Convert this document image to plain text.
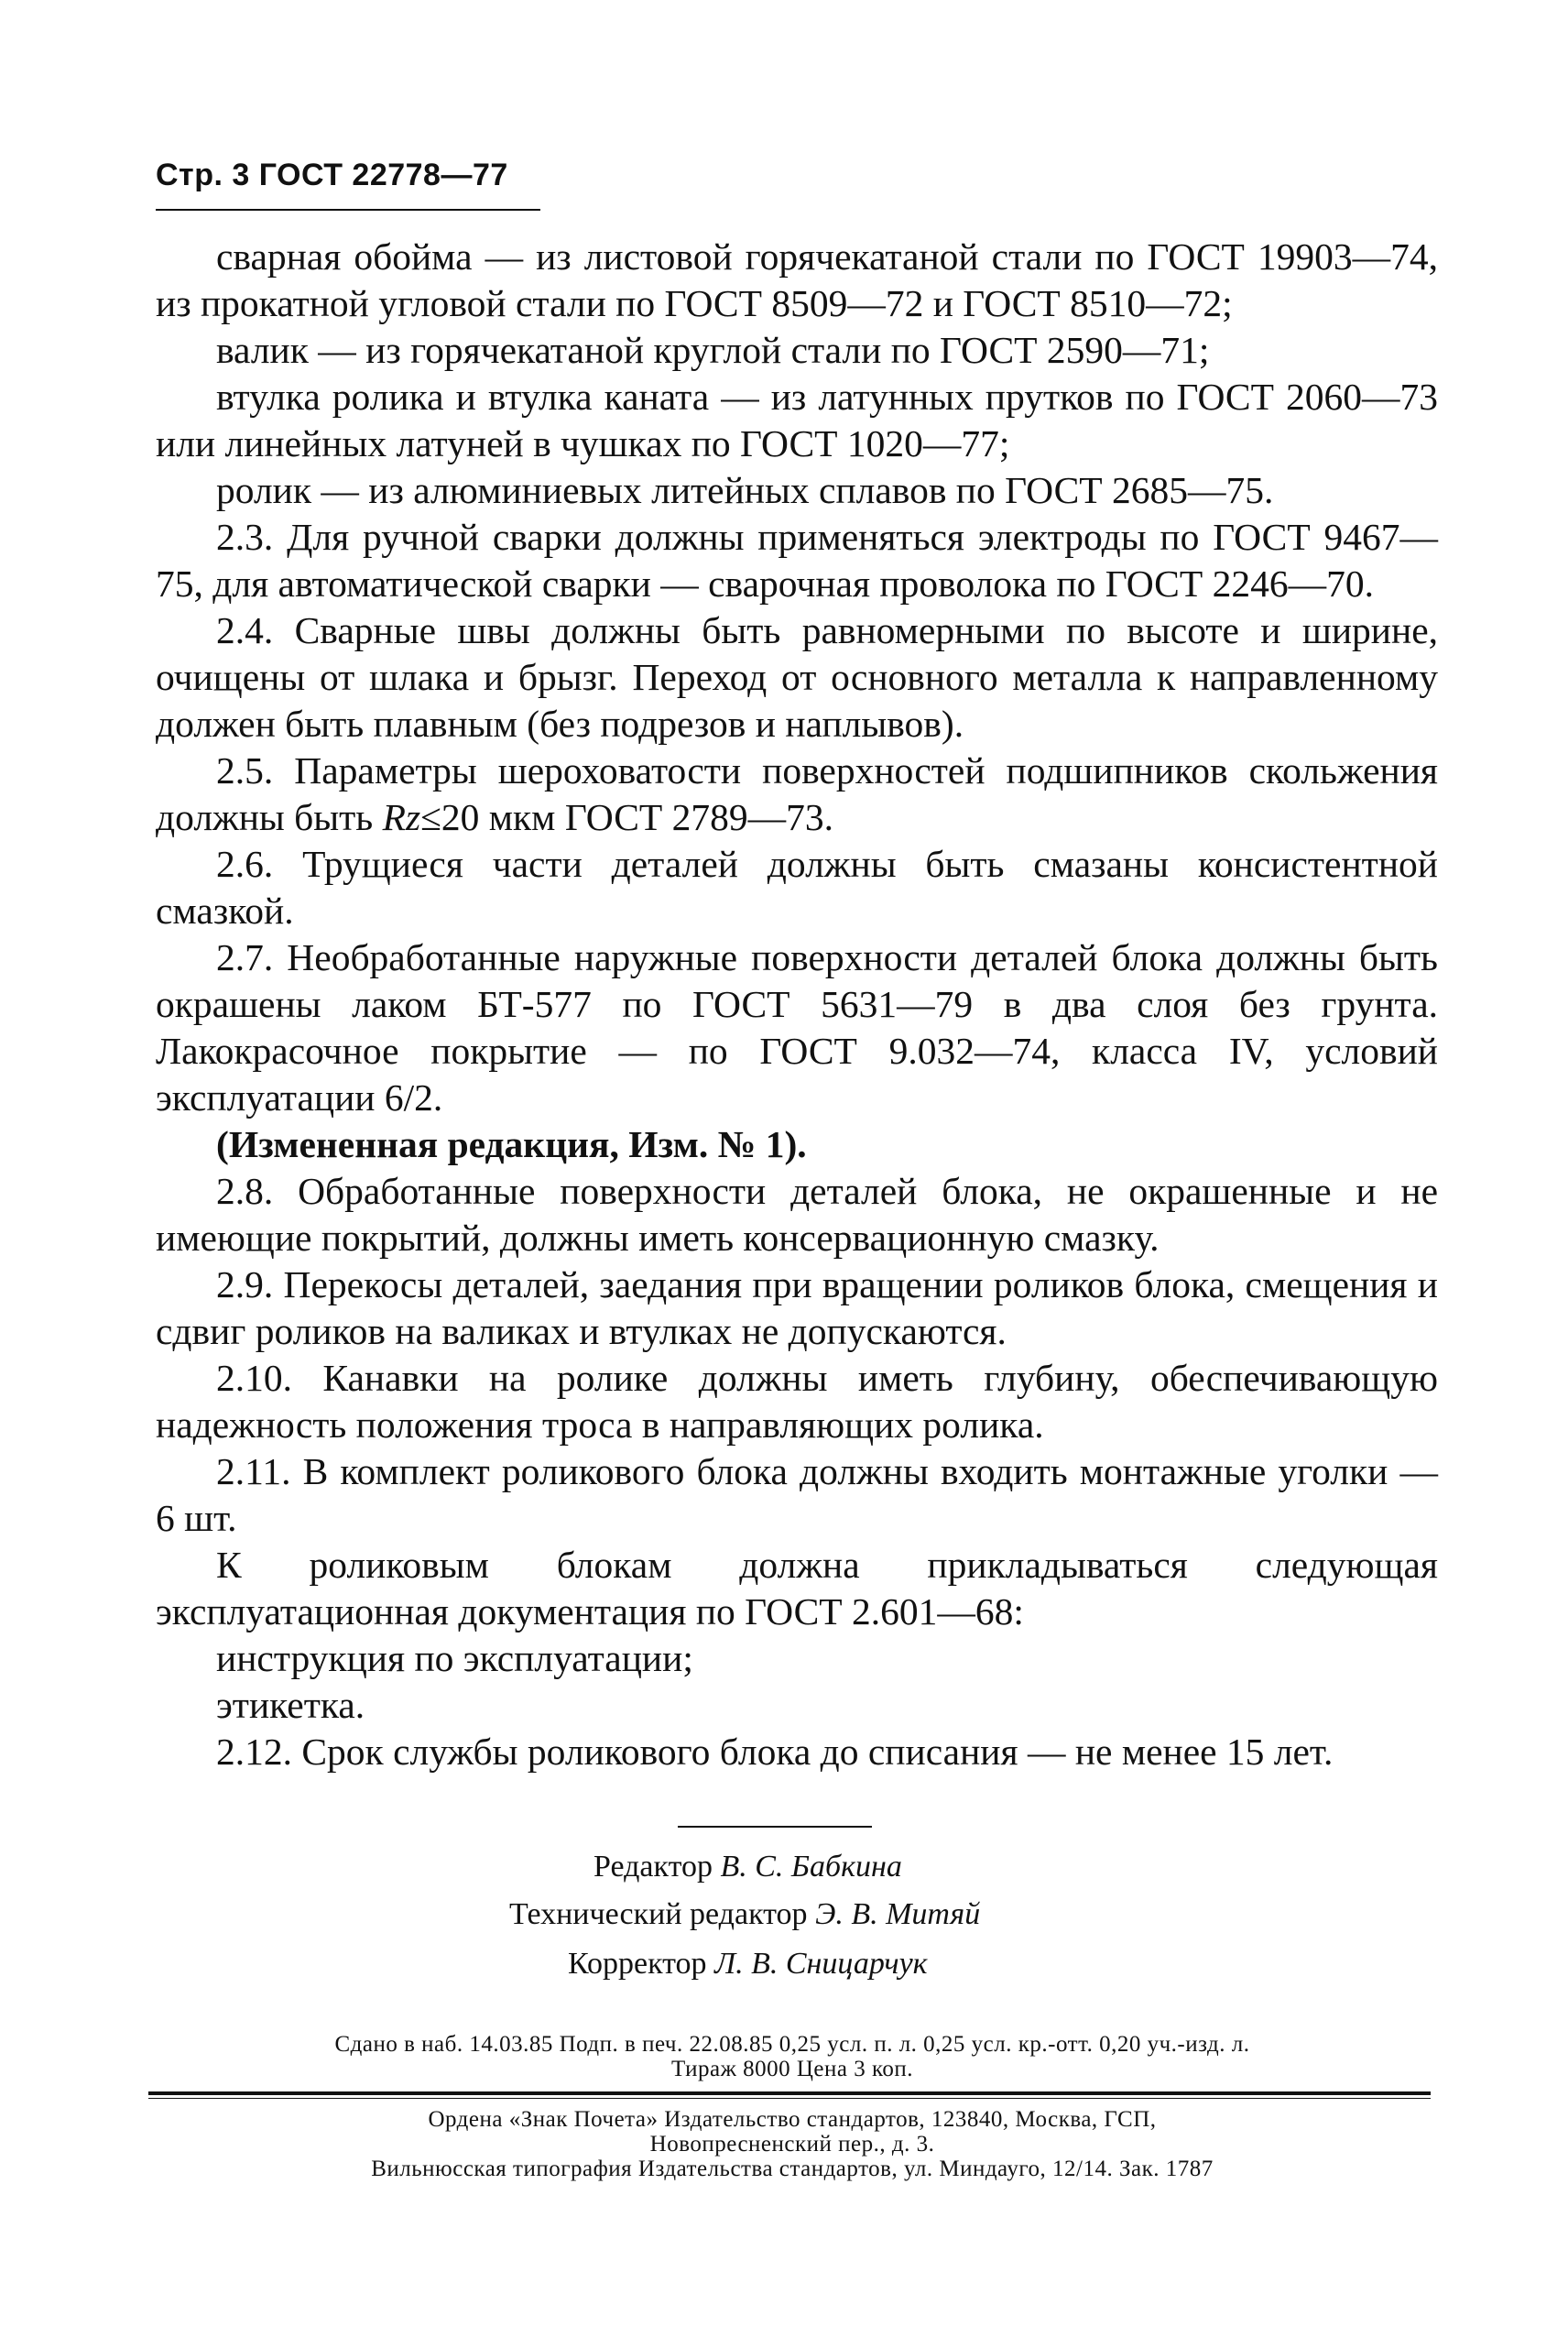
Стр. 3 ГОСТ 22778—77

сварная обойма — из листовой горячекатаной стали по ГОСТ 19903—74, из прокатной угловой стали по ГОСТ 8509—72 и ГОСТ 8510—72;

валик — из горячекатаной круглой стали по ГОСТ 2590—71;

втулка ролика и втулка каната — из латунных прутков по ГОСТ 2060—73 или линейных латуней в чушках по ГОСТ 1020—77;

ролик — из алюминиевых литейных сплавов по ГОСТ 2685—75.

2.3. Для ручной сварки должны применяться электроды по ГОСТ 9467—75, для автоматической сварки — сварочная проволока по ГОСТ 2246—70.

2.4. Сварные швы должны быть равномерными по высоте и ширине, очищены от шлака и брызг. Переход от основного металла к направленному должен быть плавным (без подрезов и наплывов).

2.5. Параметры шероховатости поверхностей подшипников скольжения должны быть Rz≤20 мкм ГОСТ 2789—73.

2.6. Трущиеся части деталей должны быть смазаны консистентной смазкой.

2.7. Необработанные наружные поверхности деталей блока должны быть окрашены лаком БТ-577 по ГОСТ 5631—79 в два слоя без грунта. Лакокрасочное покрытие — по ГОСТ 9.032—74, класса IV, условий эксплуатации 6/2.

(Измененная редакция, Изм. № 1).

2.8. Обработанные поверхности деталей блока, не окрашенные и не имеющие покрытий, должны иметь консервационную смазку.

2.9. Перекосы деталей, заедания при вращении роликов блока, смещения и сдвиг роликов на валиках и втулках не допускаются.

2.10. Канавки на ролике должны иметь глубину, обеспечивающую надежность положения троса в направляющих ролика.

2.11. В комплект роликового блока должны входить монтажные уголки — 6 шт.

К роликовым блокам должна прикладываться следующая эксплуатационная документация по ГОСТ 2.601—68:

инструкция по эксплуатации;

этикетка.

2.12. Срок службы роликового блока до списания — не менее 15 лет.

Редактор В. С. Бабкина
Технический редактор Э. В. Митяй
Корректор Л. В. Сницарчук
Сдано в наб. 14.03.85 Подп. в печ. 22.08.85 0,25 усл. п. л. 0,25 усл. кр.-отт. 0,20 уч.-изд. л.
Тираж 8000 Цена 3 коп.
Ордена «Знак Почета» Издательство стандартов, 123840, Москва, ГСП,
Новопресненский пер., д. 3.
Вильнюсская типография Издательства стандартов, ул. Миндауго, 12/14. Зак. 1787
